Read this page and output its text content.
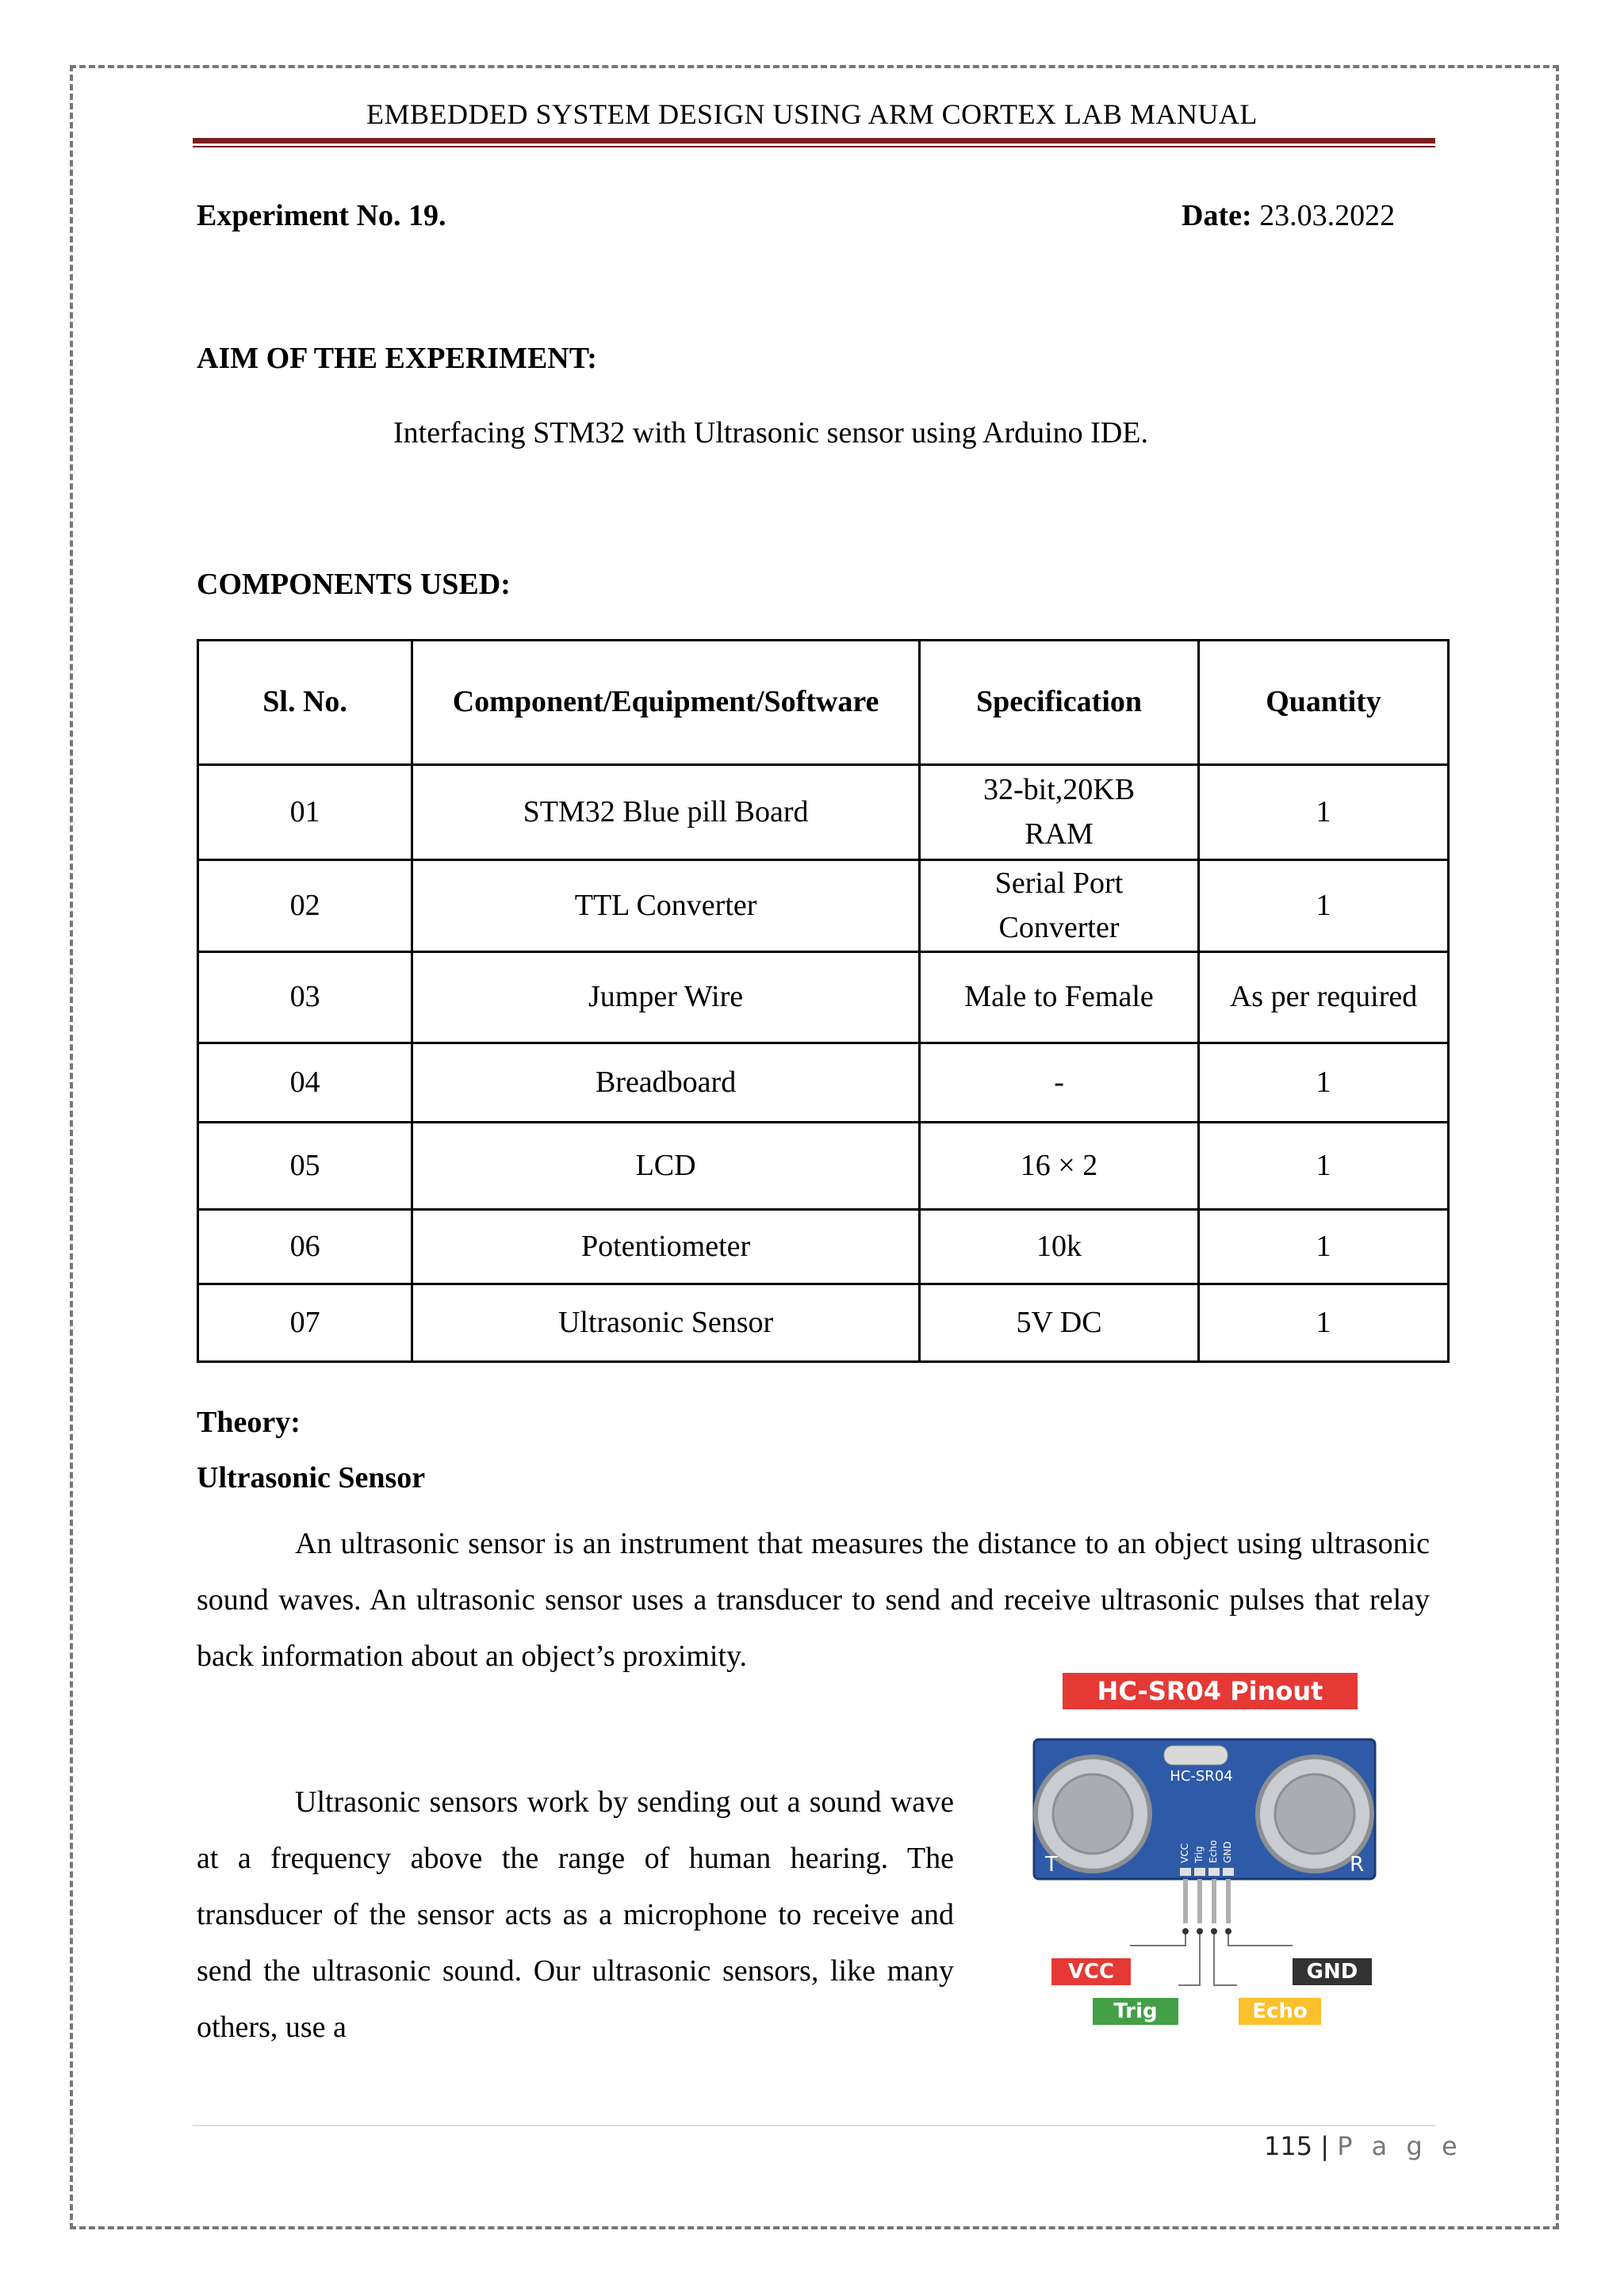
EMBEDDED SYSTEM DESIGN USING ARM CORTEX LAB MANUAL
Experiment No. 19.	Date: 23.03.2022
AIM OF THE EXPERIMENT:
Interfacing STM32 with Ultrasonic sensor using Arduino IDE.
COMPONENTS USED:
Sl. No.	Component/Equipment/Software	Specification	Quantity
01	STM32 Blue pill Board	32-bit,20KB RAM	1
02	TTL Converter	Serial Port Converter	1
03	Jumper Wire	Male to Female	As per required
04	Breadboard	-	1
05	LCD	16 × 2	1
06	Potentiometer	10k	1
07	Ultrasonic Sensor	5V DC	1
Theory:
Ultrasonic Sensor

An ultrasonic sensor is an instrument that measures the distance to an object using ultrasonic sound waves. An ultrasonic sensor uses a transducer to send and receive ultrasonic pulses that relay back information about an object’s proximity.

Ultrasonic sensors work by sending out a sound wave at a frequency above the range of human hearing. The transducer of the sensor acts as a microphone to receive and send the ultrasonic sound. Our ultrasonic sensors, like many others, use a

HC-SR04 Pinout
HC-SR04
T	R
VCC Trig Echo GND
VCC
Trig	Echo
GND
115 | P a g e
